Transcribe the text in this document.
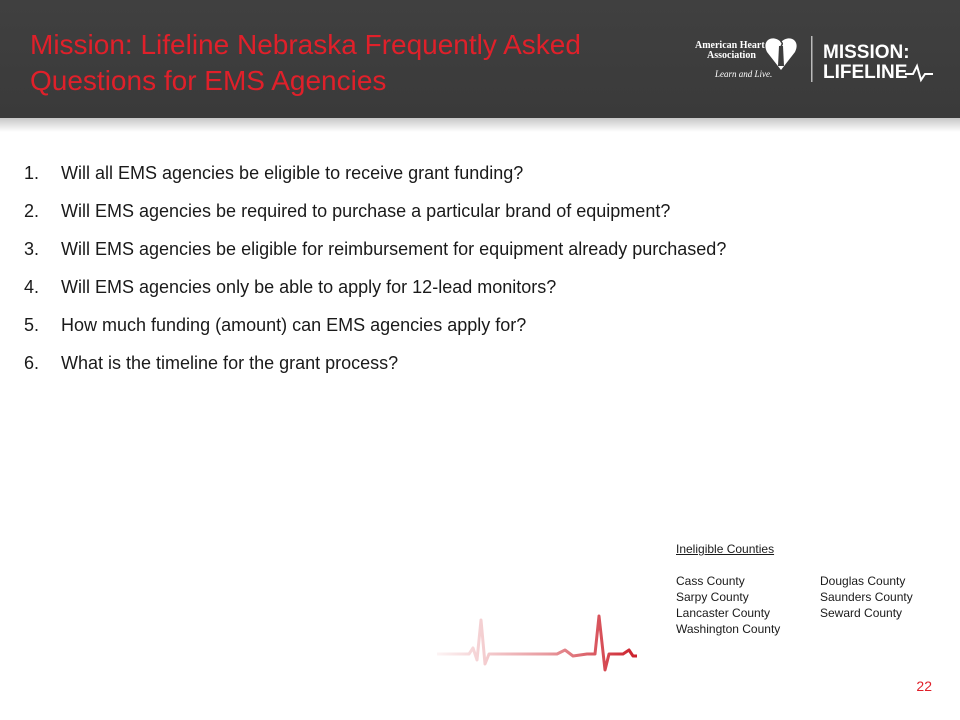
Mission: Lifeline Nebraska Frequently Asked
Questions for EMS Agencies
American Heart
Association
Learn and Live.
MISSION:
LIFELINE
1. Will all EMS agencies be eligible to receive grant funding?
2. Will EMS agencies be required to purchase a particular brand of equipment?
3. Will EMS agencies be eligible for reimbursement for equipment already purchased?
4. Will EMS agencies only be able to apply for 12-lead monitors?
5. How much funding (amount) can EMS agencies apply for?
6. What is the timeline for the grant process?
Ineligible Counties
Cass County	Douglas County
Sarpy County	Saunders County
Lancaster County	Seward County
Washington County
22
